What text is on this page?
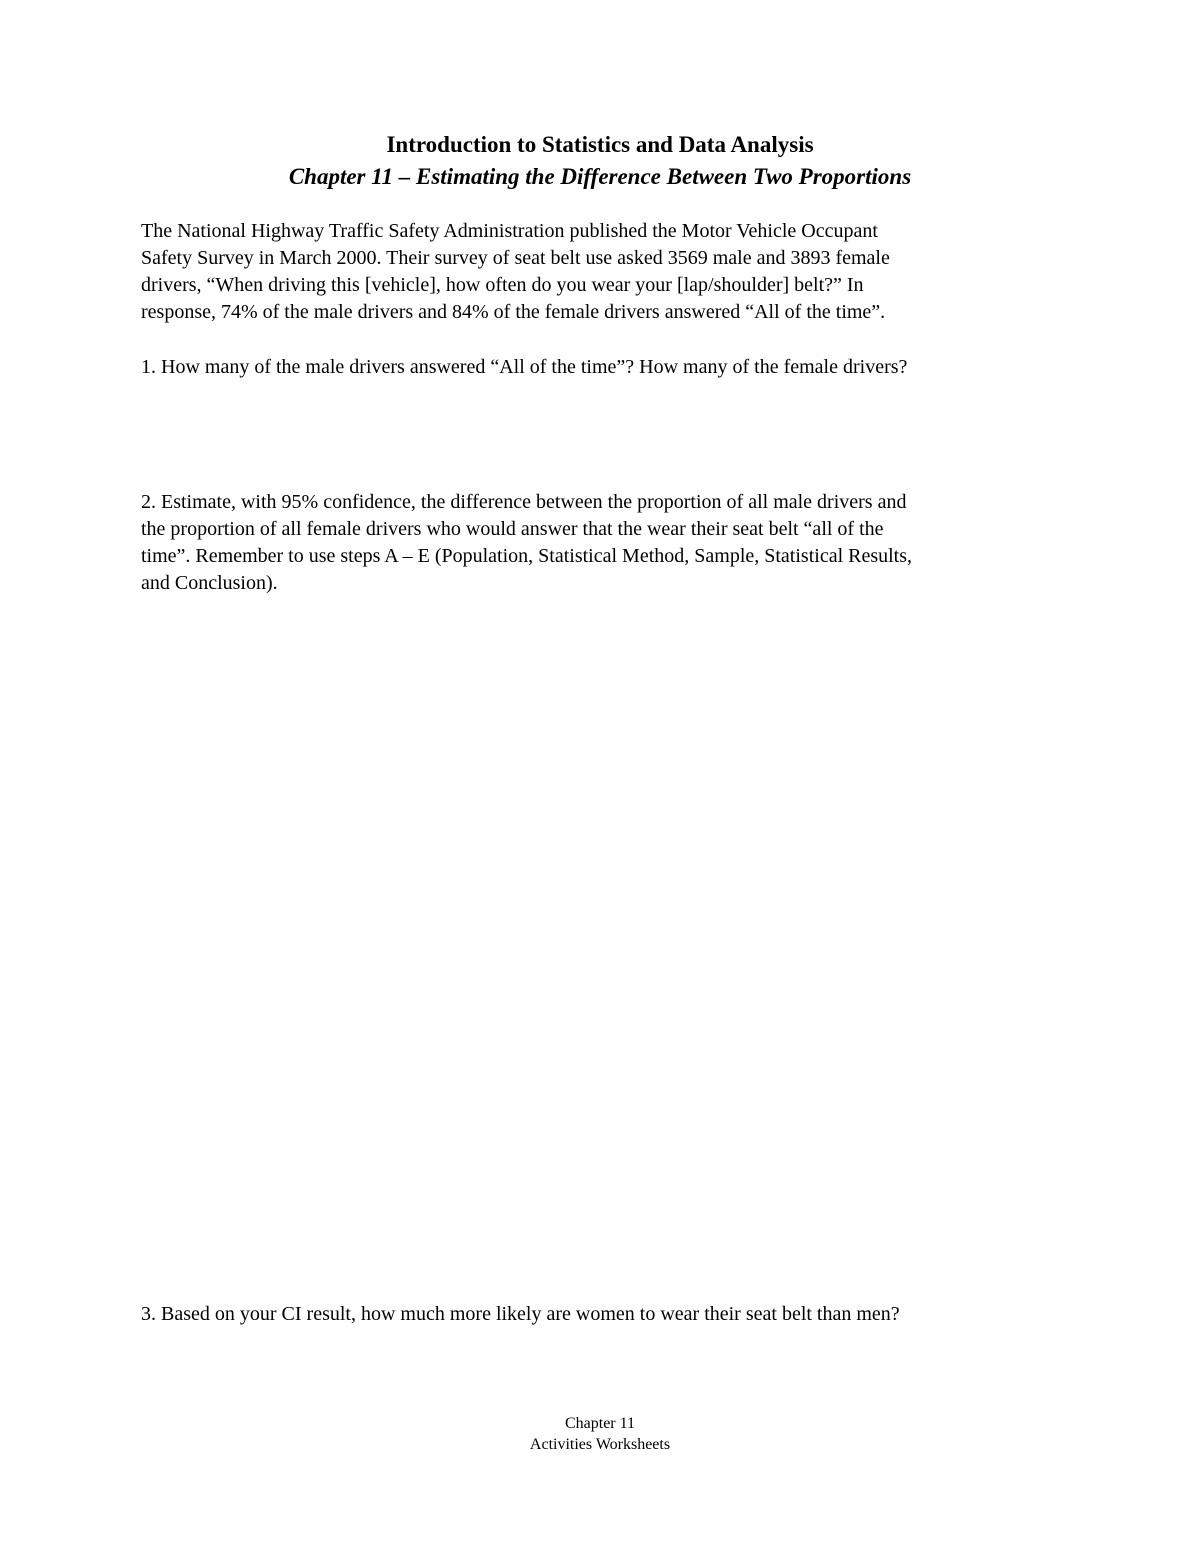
Introduction to Statistics and Data Analysis
Chapter 11 – Estimating the Difference Between Two Proportions
The National Highway Traffic Safety Administration published the Motor Vehicle Occupant
Safety Survey in March 2000. Their survey of seat belt use asked 3569 male and 3893 female
drivers, “When driving this [vehicle], how often do you wear your [lap/shoulder] belt?” In
response, 74% of the male drivers and 84% of the female drivers answered “All of the time”.
1. How many of the male drivers answered “All of the time”? How many of the female drivers?
2. Estimate, with 95% confidence, the difference between the proportion of all male drivers and
the proportion of all female drivers who would answer that the wear their seat belt “all of the
time”. Remember to use steps A – E (Population, Statistical Method, Sample, Statistical Results,
and Conclusion).
3. Based on your CI result, how much more likely are women to wear their seat belt than men?
Chapter 11
Activities Worksheets
